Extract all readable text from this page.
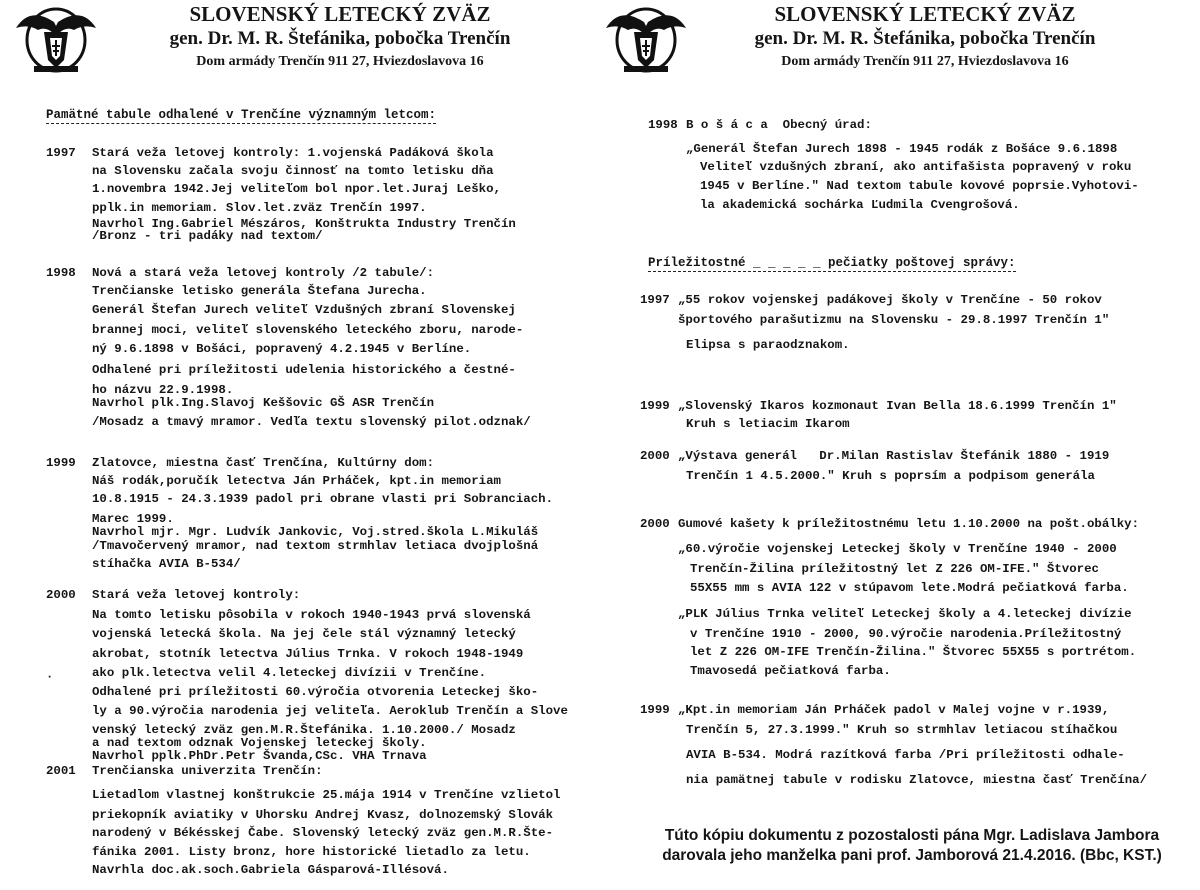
SLOVENSKÝ LETECKÝ ZVÄZ
gen. Dr. M. R. Štefánika, pobočka Trenčín
Dom armády Trenčín 911 27, Hviezdoslavova 16
Pamätné tabule odhalené v Trenčíne významným letcom:
1997 Stará veža letovej kontroly: 1.vojenská Padáková škola
na Slovensku začala svoju činnosť na tomto letisku dňa
1.novembra 1942.Jej veliteľom bol npor.let.Juraj Leško,
pplk.in memoriam. Slov.let.zväz Trenčín 1997.
Navrhol Ing.Gabriel Mészáros, Konštrukta Industry Trenčín
/Bronz - tri padáky nad textom/
1998 Nová a stará veža letovej kontroly /2 tabule/:
Trenčianske letisko generála Štefana Jurecha.
Generál Štefan Jurech veliteľ Vzdušných zbraní Slovenskej
brannej moci, veliteľ slovenského leteckého zboru, narode-
ný 9.6.1898 v Bošáci, popravený 4.2.1945 v Berlíne.
Odhalené pri príležitosti udelenia historického a čestné-
ho názvu 22.9.1998.
Navrhol plk.Ing.Slavoj Keššovic GŠ ASR Trenčín
/Mosadz a tmavý mramor. Vedľa textu slovenský pilot.odznak/
1999 Zlatovce, miestna časť Trenčína, Kultúrny dom:
Náš rodák,poručík letectva Ján Prháček, kpt.in memoriam
10.8.1915 - 24.3.1939 padol pri obrane vlasti pri Sobranciach.
Marec 1999.
Navrhol mjr. Mgr. Ludvík Jankovic, Voj.stred.škola L.Mikuláš
/Tmavočervený mramor, nad textom strmhlav letiaca dvojplošná
stíhačka AVIA B-534/
2000 Stará veža letovej kontroly:
Na tomto letisku pôsobila v rokoch 1940-1943 prvá slovenská
vojenská letecká škola. Na jej čele stál významný letecký
akrobat, stotník letectva Július Trnka. V rokoch 1948-1949
ako plk.letectva velil 4.leteckej divízii v Trenčíne.
Odhalené pri príležitosti 60.výročia otvorenia Leteckej ško-
ly a 90.výročia narodenia jej veliteľa. Aeroklub Trenčín a Slove
venský letecký zväz gen.M.R.Štefánika. 1.10.2000./ Mosadz
a nad textom odznak Vojenskej leteckej školy.
Navrhol pplk.PhDr.Petr Švanda,CSc. VHA Trnava
2001 Trenčianska univerzita Trenčín:
Lietadlom vlastnej konštrukcie 25.mája 1914 v Trenčíne vzlietol
priekopník aviatiky v Uhorsku Andrej Kvasz, dolnozemský Slovák
narodený v Békésskej Čabe. Slovenský letecký zväz gen.M.R.Šte-
fánika 2001. Listy bronz, hore historické lietadlo za letu.
Navrhla doc.ak.soch.Gabriela Gásparová-Illésová.
·
SLOVENSKÝ LETECKÝ ZVÄZ
gen. Dr. M. R. Štefánika, pobočka Trenčín
Dom armády Trenčín 911 27, Hviezdoslavova 16
1998 B o š á c a  Obecný úrad:
„Generál Štefan Jurech 1898 - 1945 rodák z Bošáce 9.6.1898
Veliteľ vzdušných zbraní, ako antifašista popravený v roku
1945 v Berlíne." Nad textom tabule kovové poprsie.Vyhotovi-
la akademická sochárka Ľudmila Cvengrošová.
Príležitostné _ _ _ _ _ pečiatky poštovej správy:
1997 „55 rokov vojenskej padákovej školy v Trenčíne - 50 rokov
športového parašutizmu na Slovensku - 29.8.1997 Trenčín 1"
Elipsa s paraodznakom.
1999 „Slovenský Ikaros kozmonaut Ivan Bella 18.6.1999 Trenčín 1"
Kruh s letiacim Ikarom
2000 „Výstava generál   Dr.Milan Rastislav Štefánik 1880 - 1919
Trenčín 1 4.5.2000." Kruh s poprsím a podpisom generála
2000 Gumové kašety k príležitostnému letu 1.10.2000 na pošt.obálky:
„60.výročie vojenskej Leteckej školy v Trenčíne 1940 - 2000
Trenčín-Žilina príležitostný let Z 226 OM-IFE." Štvorec
55X55 mm s AVIA 122 v stúpavom lete.Modrá pečiatková farba.
„PLK Július Trnka veliteľ Leteckej školy a 4.leteckej divízie
v Trenčíne 1910 - 2000, 90.výročie narodenia.Príležitostný
let Z 226 OM-IFE Trenčín-Žilina." Štvorec 55X55 s portrétom.
Tmavosedá pečiatková farba.
1999 „Kpt.in memoriam Ján Prháček padol v Malej vojne v r.1939,
Trenčín 5, 27.3.1999." Kruh so strmhlav letiacou stíhačkou
AVIA B-534. Modrá razítková farba /Pri príležitosti odhale-
nia pamätnej tabule v rodisku Zlatovce, miestna časť Trenčína/
Túto kópiu dokumentu z pozostalosti pána Mgr. Ladislava Jambora
darovala jeho manželka pani prof. Jamborová 21.4.2016. (Bbc, KST.)
